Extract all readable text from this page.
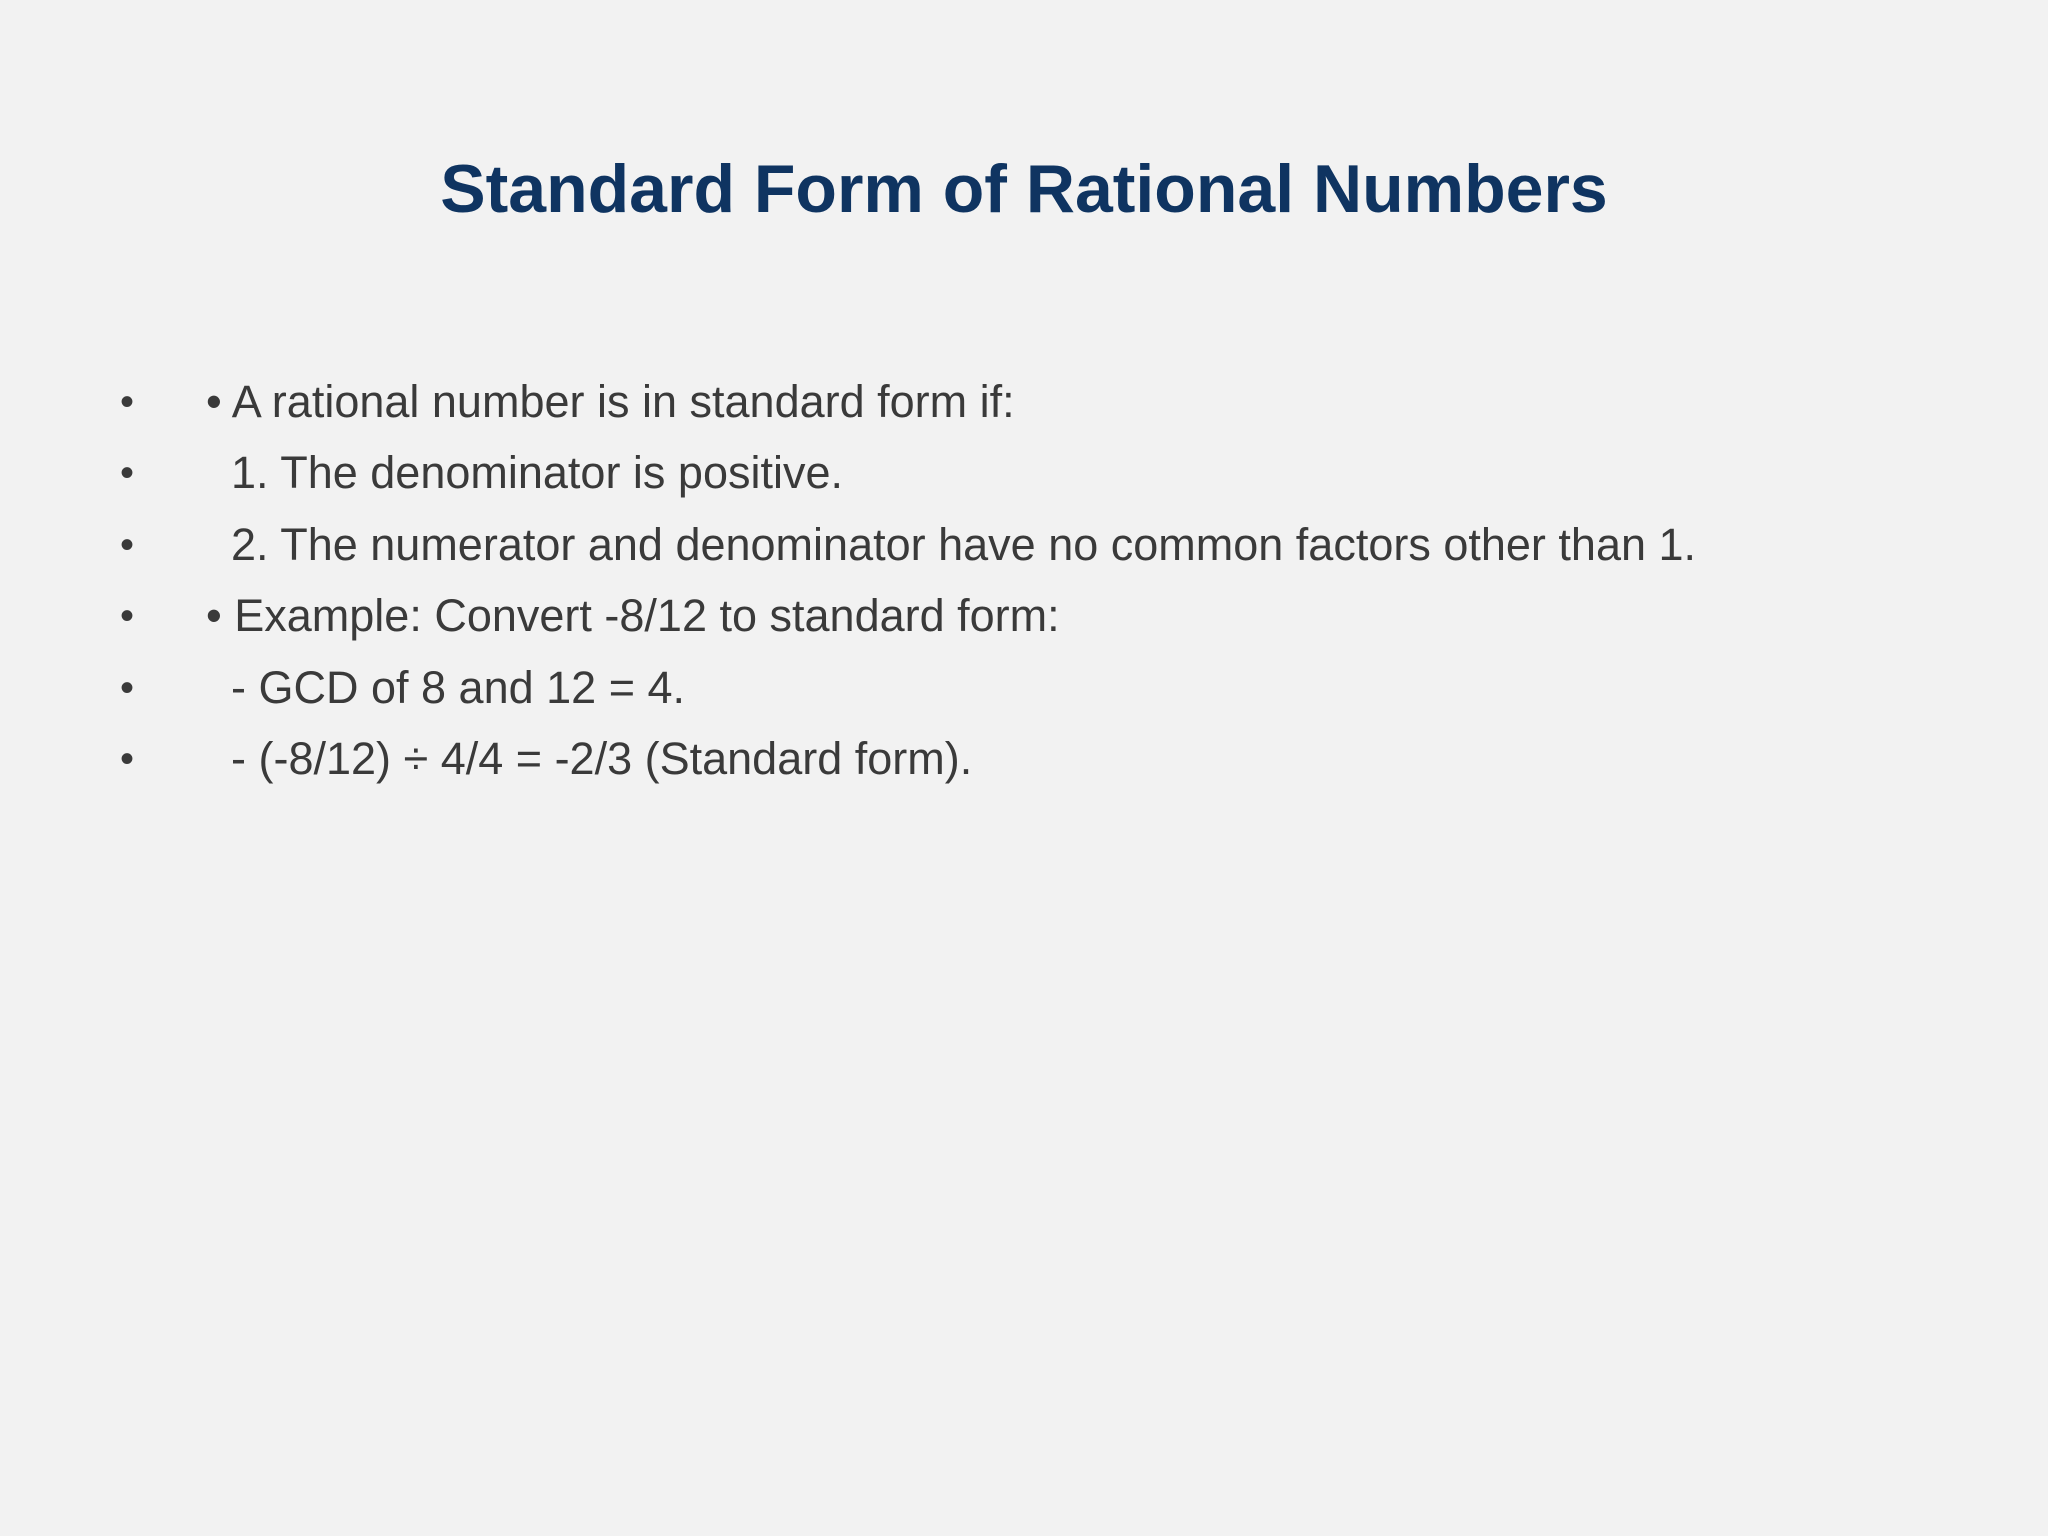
Standard Form of Rational Numbers
•	• A rational number is in standard form if:
•	1. The denominator is positive.
•	2. The numerator and denominator have no common factors other than 1.
•	• Example: Convert -8/12 to standard form:
•	- GCD of 8 and 12 = 4.
•	- (-8/12) ÷ 4/4 = -2/3 (Standard form).
